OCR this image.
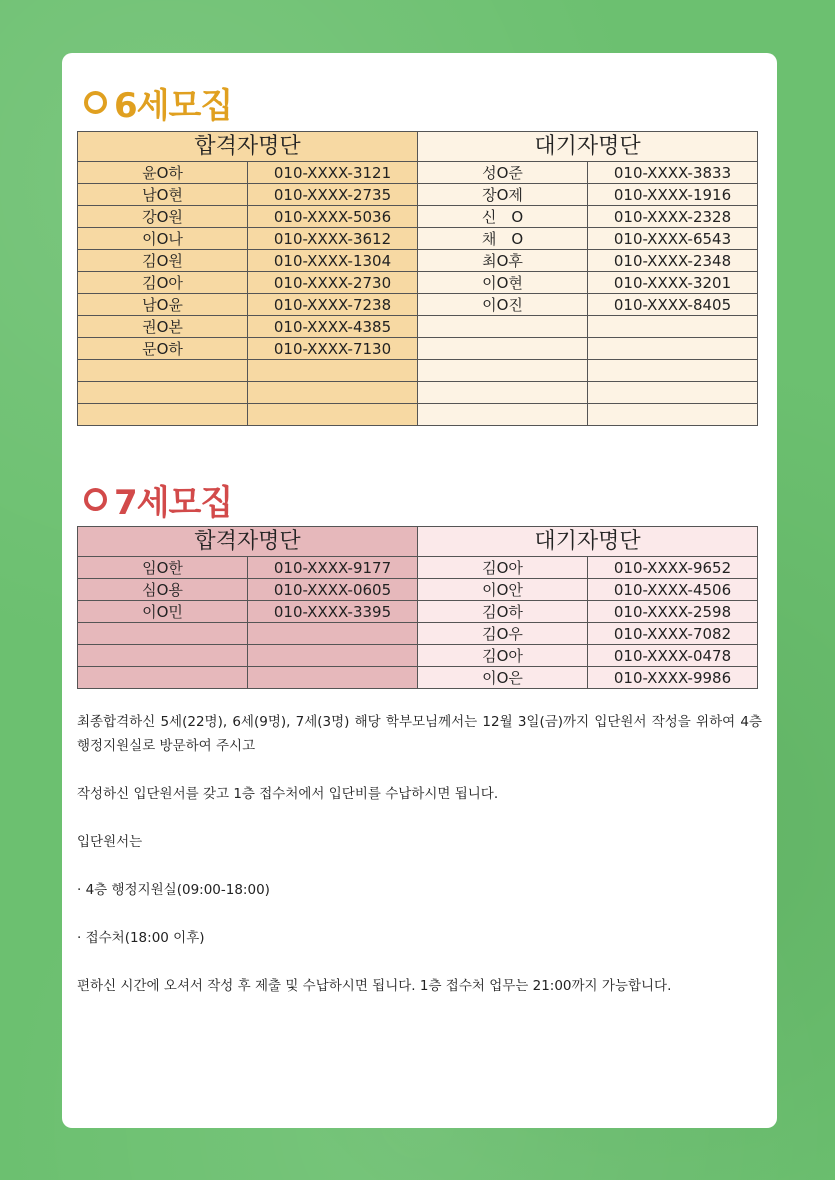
6세모집
합격자명단		대기자명단	
윤O하	010-XXXX-3121	성O준	010-XXXX-3833
남O현	010-XXXX-2735	장O제	010-XXXX-1916
강O원	010-XXXX-5036	신　O	010-XXXX-2328
이O나	010-XXXX-3612	채　O	010-XXXX-6543
김O원	010-XXXX-1304	최O후	010-XXXX-2348
김O아	010-XXXX-2730	이O현	010-XXXX-3201
남O윤	010-XXXX-7238	이O진	010-XXXX-8405
권O본	010-XXXX-4385		
문O하	010-XXXX-7130		

7세모집
합격자명단		대기자명단	
임O한	010-XXXX-9177	김O아	010-XXXX-9652
심O용	010-XXXX-0605	이O안	010-XXXX-4506
이O민	010-XXXX-3395	김O하	010-XXXX-2598
		김O우	010-XXXX-7082
		김O아	010-XXXX-0478
		이O은	010-XXXX-9986

최종합격하신 5세(22명), 6세(9명), 7세(3명) 해당 학부모님께서는 12월 3일(금)까지 입단원서 작성을 위하여 4층 행정지원실로 방문하여 주시고

작성하신 입단원서를 갖고 1층 접수처에서 입단비를 수납하시면 됩니다.

입단원서는

· 4층 행정지원실(09:00-18:00)

· 접수처(18:00 이후)

편하신 시간에 오셔서 작성 후 제출 및 수납하시면 됩니다. 1층 접수처 업무는 21:00까지 가능합니다.
